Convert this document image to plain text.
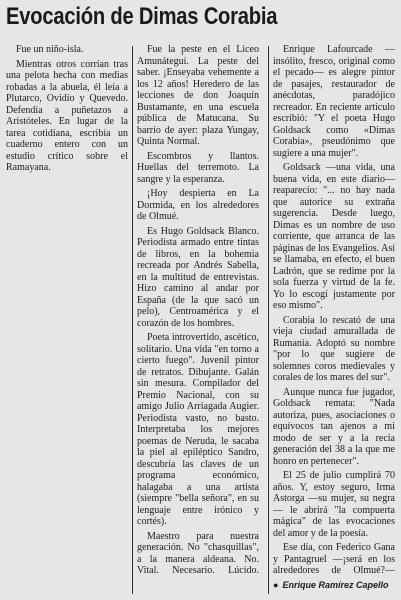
Evocación de Dimas Corabia

Fue un niño-isla.

Mientras otros corrían tras una pelota hecha con medias robadas a la abuela, él leía a Plutarco, Ovidio y Quevedo. Defendía a puñetazos a Aristóteles. En lugar de la tarea cotidiana, escribía un cuaderno entero con un estudio crítico sobre el Ramayana.

Fue la peste en el Liceo Amunátegui. La peste del saber. ¡Enseyaba vehemente a los 12 años! Heredero de las lecciones de don Joaquín Bustamante, en una escuela pública de Matucana. Su barrio de ayer: plaza Yungay, Quinta Normal.

Escombros y llantos. Huellas del terremoto. La sangre y la esperanza.

¡Hoy despierta en La Dormida, en los alrededores de Olmué.

Es Hugo Goldsack Blanco. Periodista armado entre tintas de libros, en la bohemia recreada por Andrés Sabella, en la multitud de entrevistas. Hizo camino al andar por España (de la que sacó un pelo), Centroamérica y el corazón de los hombres.

Poeta introvertido, ascético, solitario. Una vida "en torno a cierto fuego". Juvenil pintor de retratos. Dibujante. Galán sin mesura. Compilador del Premio Nacional, con su amigo Julio Arriagada Augier. Periodista vasto, no basto. Interpretaba los mejores poemas de Neruda, le sacaba la piel al epiléptico Sandro, descubría las claves de un programa económico, halagaba a una artista (siempre "bella señora", en su lenguaje entre irónico y cortés).

Maestro para nuestra generación. No "chasquillas", a la manera aldeana. No. Vital. Necesario. Lúcido.

Enrique Lafourcade —insólito, fresco, original como el pecado— es alegre pintor de pasajes, restaurador de anécdotas, paradójico recreador. En reciente artículo escribió: "Y el poeta Hugo Goldsack como «Dimas Corabia», pseudónimo que sugiere a una mujer".

Goldsack —una vida, una buena vida, en este diario— reaparecío: "... no hay nada que autorice su extraña sugerencia. Desde luego, Dimas es un nombre de uso corriente, que arranca de las páginas de los Evangelios. Así se llamaba, en efecto, el buen Ladrón, que se redime por la sola fuerza y virtud de la fe. Yo lo escogí justamente por eso mismo".

Corabia lo rescató de una vieja ciudad amurallada de Rumania. Adoptó su nombre "por lo que sugiere de solemnes coros medievales y corales de los mares del sur".

Aunque nunca fue jugador, Goldsack remata: "Nada autoriza, pues, asociaciones o equívocos tan ajenos a mi modo de ser y a la recia generación del 38 a la que me honro en pertenecer".

El 25 de julio cumplirá 70 años. Y, estoy seguro, Irma Astorga —su mujer, su negra— le abrirá "la compuerta mágica" de las evocaciones del amor y de la poesía.

Ese día, con Federico Gana y Pantagruel —¡será en los alrededores de Olmué?—

● Enrique Ramírez Capello
